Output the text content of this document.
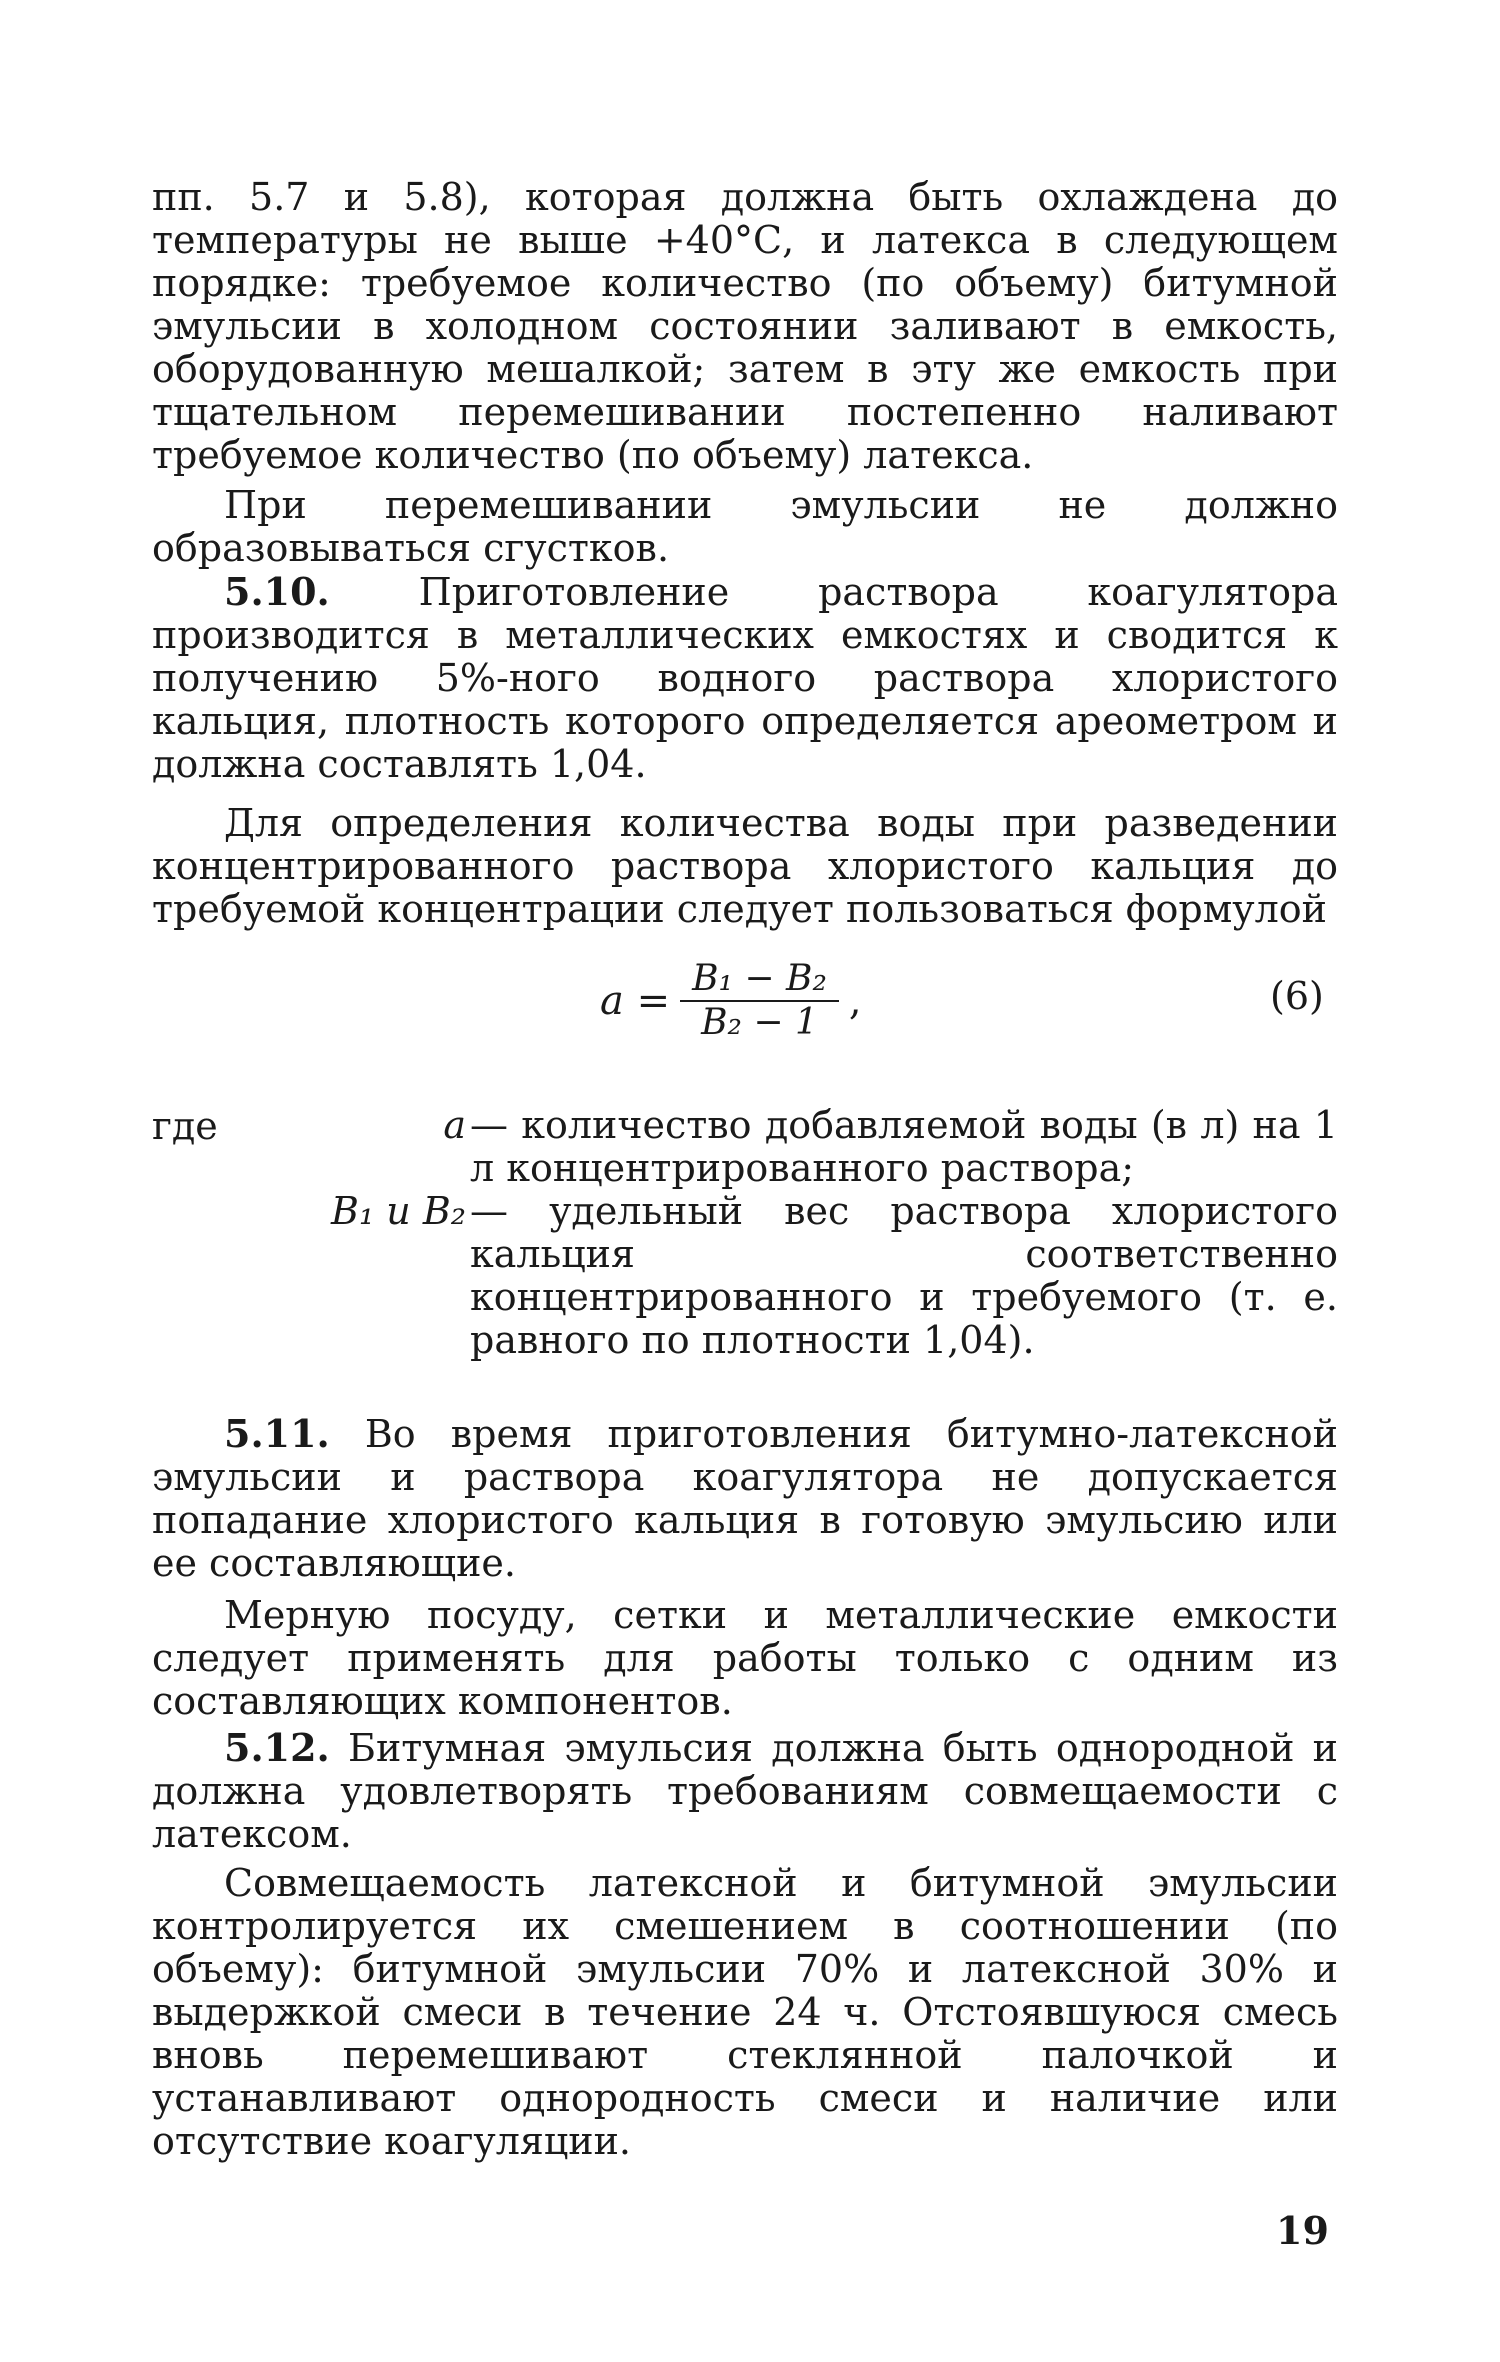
пп. 5.7 и 5.8), которая должна быть охлаждена до температуры не выше +40°С, и латекса в следующем порядке: требуемое количество (по объему) битумной эмульсии в холодном состоянии заливают в емкость, оборудованную мешалкой; затем в эту же емкость при тщательном перемешивании постепенно наливают требуемое количество (по объему) латекса.

При перемешивании эмульсии не должно образовываться сгустков.

5.10. Приготовление раствора коагулятора производится в металлических емкостях и сводится к получению 5%-ного водного раствора хлористого кальция, плотность которого определяется ареометром и должна составлять 1,04.

Для определения количества воды при разведении концентрированного раствора хлористого кальция до требуемой концентрации следует пользоваться формулой

$a = \frac{\text{B₁ − B₂}}{\text{B₂ − 1}}$ ,	(6)
где	a — количество добавляемой воды (в л) на 1 л концентрированного раствора;
B₁ и B₂ — удельный вес раствора хлористого кальция соответственно концентрированного и требуемого (т. е. равного по плотности 1,04).

5.11. Во время приготовления битумно-латексной эмульсии и раствора коагулятора не допускается попадание хлористого кальция в готовую эмульсию или ее составляющие.

Мерную посуду, сетки и металлические емкости следует применять для работы только с одним из составляющих компонентов.

5.12. Битумная эмульсия должна быть однородной и должна удовлетворять требованиям совмещаемости с латексом.

Совмещаемость латексной и битумной эмульсии контролируется их смешением в соотношении (по объему): битумной эмульсии 70% и латексной 30% и выдержкой смеси в течение 24 ч. Отстоявшуюся смесь вновь перемешивают стеклянной палочкой и устанавливают однородность смеси и наличие или отсутствие коагуляции.

19
